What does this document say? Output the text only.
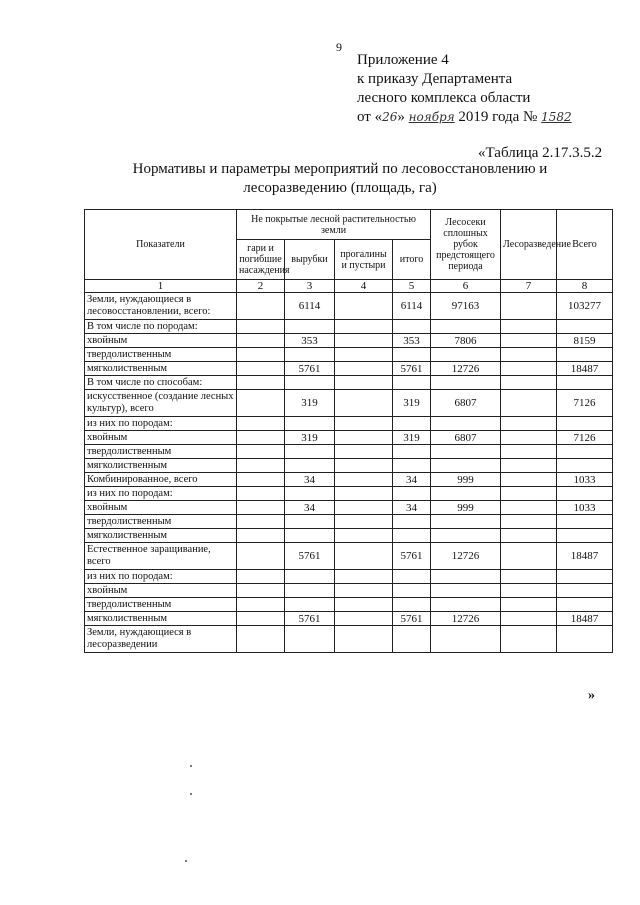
9
Приложение 4
к приказу Департамента
лесного комплекса области
от «26» ноября 2019 года № 1582
«Таблица 2.17.3.5.2
Нормативы и параметры мероприятий по лесовосстановлению и
лесоразведению (площадь, га)
Показатели	Не покрытые лесной растительностью земли				Лесосеки сплошных рубок предстоящего периода	Лесоразведение	Всего
	гари и погибшие насаждения	вырубки	прогалины и пустыри	итого			
1	2	3	4	5	6	7	8
Земли, нуждающиеся в лесовосстановлении, всего:		6114		6114	97163		103277
В том числе по породам:							
хвойным		353		353	7806		8159
твердолиственным							
мягколиственным		5761		5761	12726		18487
В том числе по способам:							
искусственное (создание лесных культур), всего		319		319	6807		7126
из них по породам:							
хвойным		319		319	6807		7126
твердолиственным							
мягколиственным							
Комбинированное, всего		34		34	999		1033
из них по породам:							
хвойным		34		34	999		1033
твердолиственным							
мягколиственным							
Естественное заращивание, всего		5761		5761	12726		18487
из них по породам:							
хвойным							
твердолиственным							
мягколиственным		5761		5761	12726		18487
Земли, нуждающиеся в лесоразведении							
»
